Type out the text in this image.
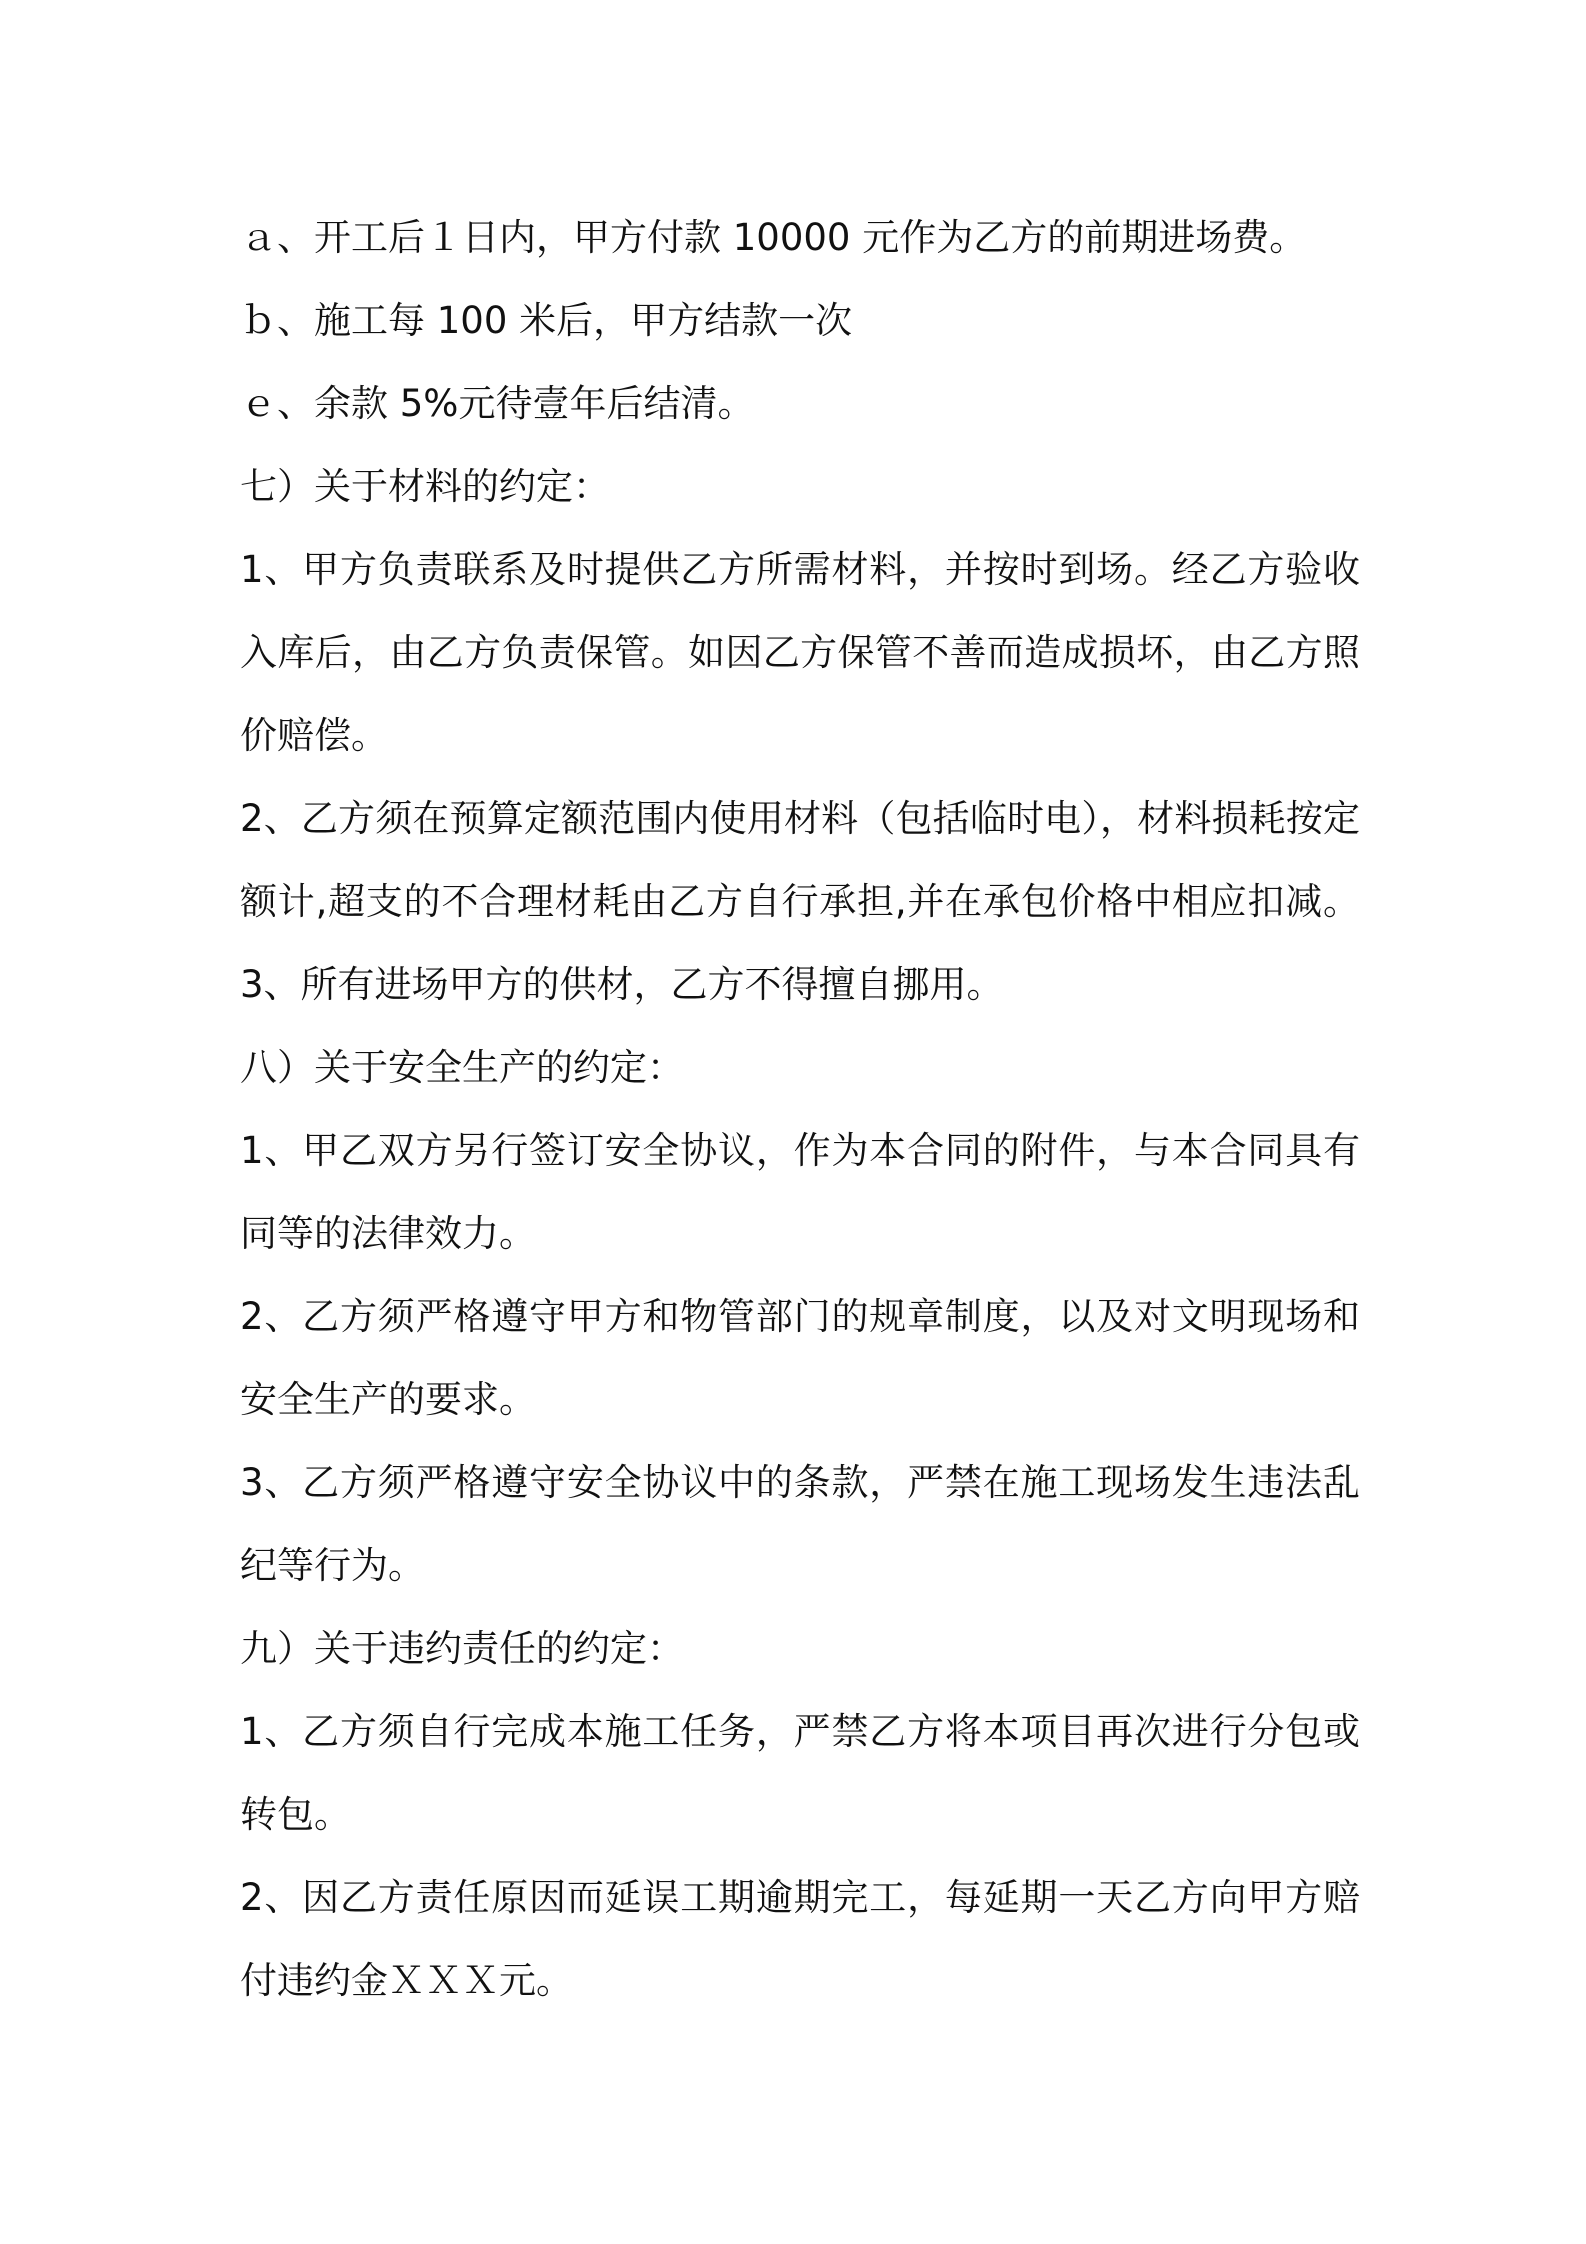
ａ、开工后１日内，甲方付款 10000 元作为乙方的前期进场费。
ｂ、施工每 100 米后，甲方结款一次
ｅ、余款 5%元待壹年后结清。
七）关于材料的约定：
1、甲方负责联系及时提供乙方所需材料，并按时到场。经乙方验收
入库后，由乙方负责保管。如因乙方保管不善而造成损坏，由乙方照
价赔偿。
2、乙方须在预算定额范围内使用材料（包括临时电），材料损耗按定
额计,超支的不合理材耗由乙方自行承担,并在承包价格中相应扣减。
3、所有进场甲方的供材，乙方不得擅自挪用。
八）关于安全生产的约定：
1、甲乙双方另行签订安全协议，作为本合同的附件，与本合同具有
同等的法律效力。
2、乙方须严格遵守甲方和物管部门的规章制度，以及对文明现场和
安全生产的要求。
3、乙方须严格遵守安全协议中的条款，严禁在施工现场发生违法乱
纪等行为。
九）关于违约责任的约定：
1、乙方须自行完成本施工任务，严禁乙方将本项目再次进行分包或
转包。
2、因乙方责任原因而延误工期逾期完工，每延期一天乙方向甲方赔
付违约金ＸＸＸ元。
